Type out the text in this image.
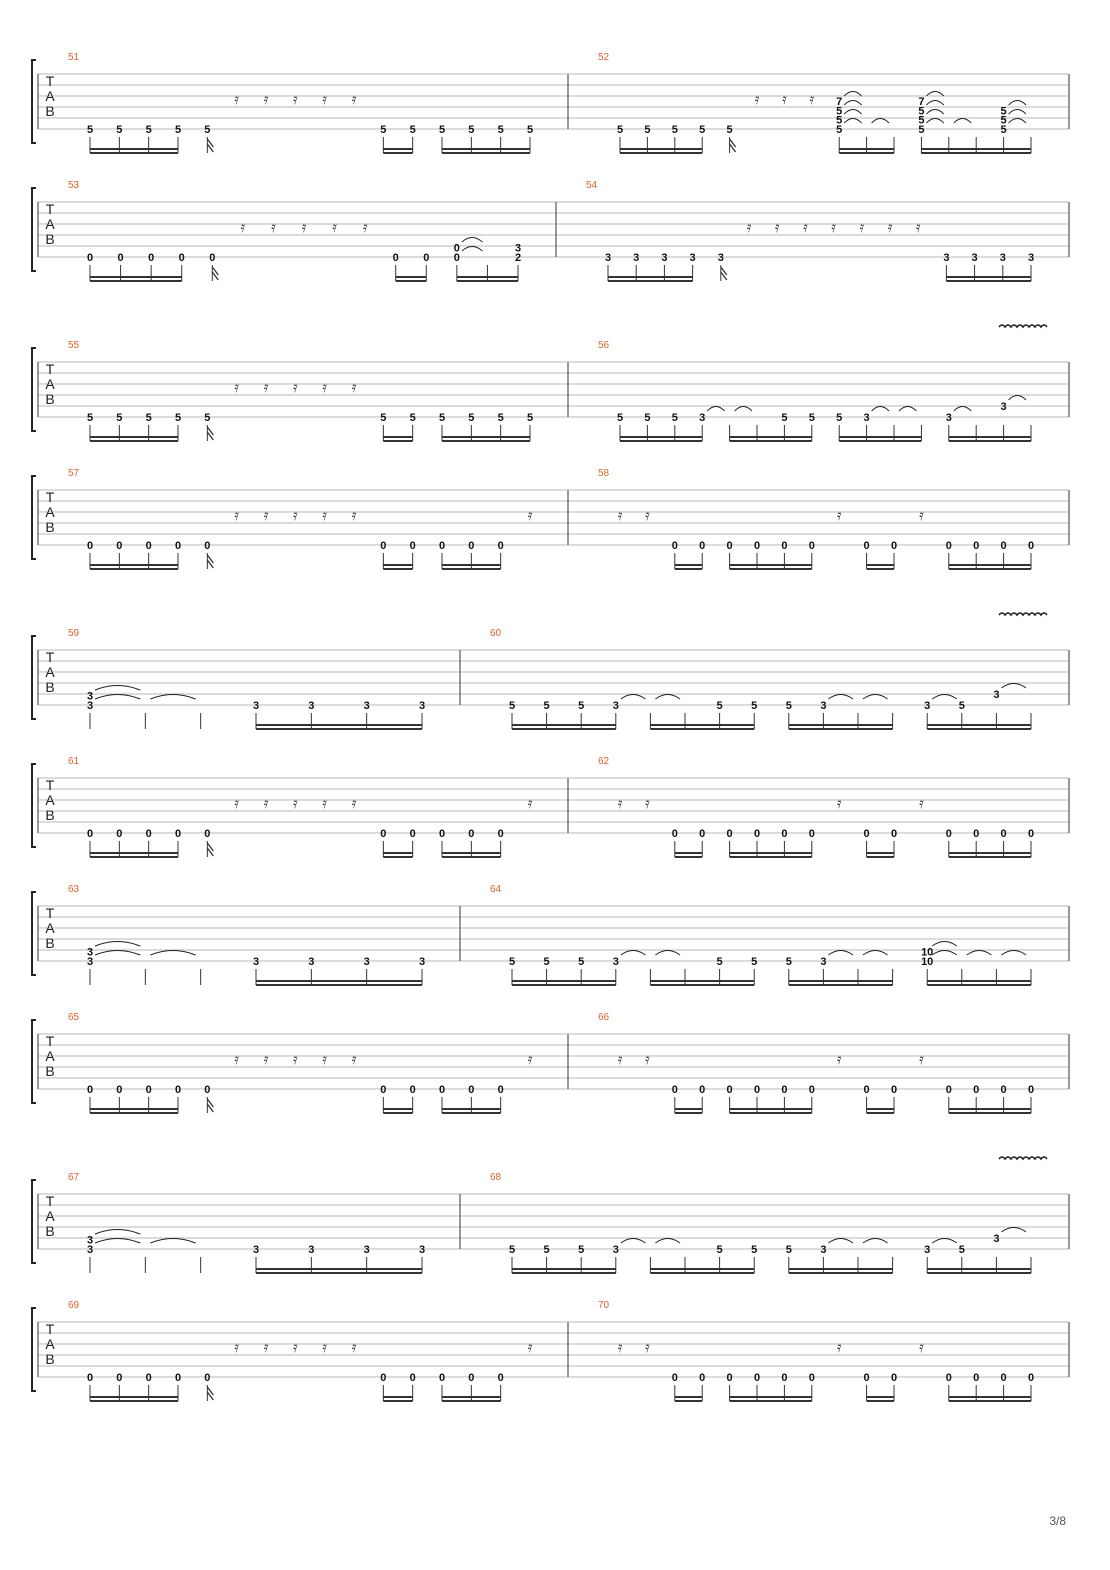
T
A
B
51
5 5 5 5 5
𝄿 𝄿 𝄿 𝄿 𝄿
5 5 5 5 5 5
52
5 5 5 5 5
𝄿 𝄿 𝄿 7
5
5
5
7
5
5
5
5
5
5
T
A
B
53
0 0 0 0 0
𝄿 𝄿 𝄿 𝄿 𝄿
0 0
0
0
3
2
54
3 3 3 3 3
𝄿 𝄿 𝄿 𝄿 𝄿 𝄿 𝄿
3 3 3 3
T
A
B
55
5 5 5 5 5
𝄿 𝄿 𝄿 𝄿 𝄿
5 5 5 5 5 5
56
5 5 5 3	5 5 5 3	3
3
T
A
B
57
0 0 0 0 0
𝄿 𝄿 𝄿 𝄿 𝄿
0 0 0 0 0
𝄿
58
𝄿 𝄿
0 0 0 0 0 0
𝄿
0 0
𝄿
0 0 0 0
T
A
B
59
3
3	3	3	3	3
60
5	5	5	3	5	5	5	3	3	5
3
T
A
B
61
0 0 0 0 0
𝄿 𝄿 𝄿 𝄿 𝄿
0 0 0 0 0
𝄿
62
𝄿 𝄿
0 0 0 0 0 0
𝄿
0 0
𝄿
0 0 0 0
T
A
B
63
3
3	3	3	3	3
64
5	5	5	3	5	5	5	3
10
10
T
A
B
65
0 0 0 0 0
𝄿 𝄿 𝄿 𝄿 𝄿
0 0 0 0 0
𝄿
66
𝄿 𝄿
0 0 0 0 0 0
𝄿
0 0
𝄿
0 0 0 0
T
A
B
67
3
3	3	3	3	3
68
5	5	5	3	5	5	5	3	3	5
3
T
A
B
69
0 0 0 0 0
𝄿 𝄿 𝄿 𝄿 𝄿
0 0 0 0 0
𝄿
70
𝄿 𝄿
0 0 0 0 0 0
𝄿
0 0
𝄿
0 0 0 0
3/8
